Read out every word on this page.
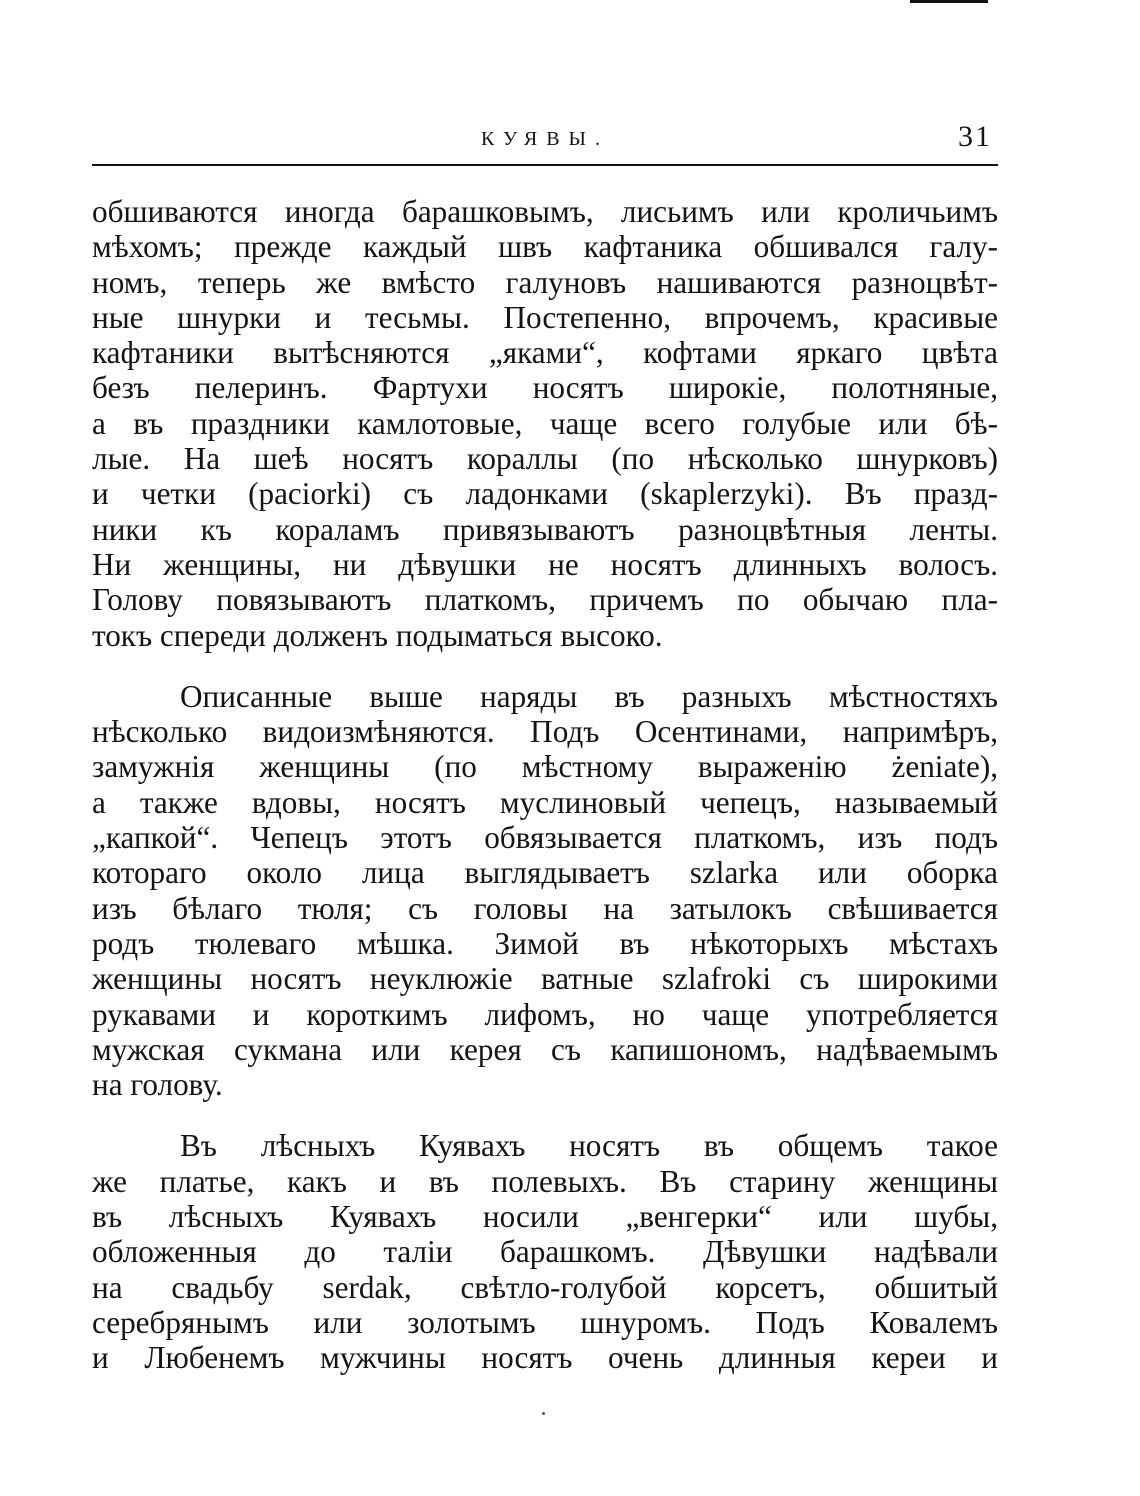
КУЯВЫ.	31

обшиваются иногда барашковымъ, лисьимъ или кроличьимъ
мѣхомъ; прежде каждый швъ кафтаника обшивался галу-
номъ, теперь же вмѣсто галуновъ нашиваются разноцвѣт-
ные шнурки и тесьмы. Постепенно, впрочемъ, красивые
кафтаники вытѣсняются „яками“, кофтами яркаго цвѣта
безъ пелеринъ. Фартухи носятъ широкіе, полотняные,
а въ праздники камлотовые, чаще всего голубые или бѣ-
лые. На шеѣ носятъ кораллы (по нѣсколько шнурковъ)
и четки (paciorki) съ ладонками (skaplerzyki). Въ празд-
ники къ кораламъ привязываютъ разноцвѣтныя ленты.
Ни женщины, ни дѣвушки не носятъ длинныхъ волосъ.
Голову повязываютъ платкомъ, причемъ по обычаю пла-
токъ спереди долженъ подыматься высоко.

Описанные выше наряды въ разныхъ мѣстностяхъ
нѣсколько видоизмѣняются. Подъ Осентинами, напримѣръ,
замужнія женщины (по мѣстному выраженію żeniate),
а также вдовы, носятъ муслиновый чепецъ, называемый
„капкой“. Чепецъ этотъ обвязывается платкомъ, изъ подъ
котораго около лица выглядываетъ szlarka или оборка
изъ бѣлаго тюля; съ головы на затылокъ свѣшивается
родъ тюлеваго мѣшка. Зимой въ нѣкоторыхъ мѣстахъ
женщины носятъ неуклюжіе ватные szlafroki съ широкими
рукавами и короткимъ лифомъ, но чаще употребляется
мужская сукмана или керея съ капишономъ, надѣваемымъ
на голову.

Въ лѣсныхъ Куявахъ носятъ въ общемъ такое
же платье, какъ и въ полевыхъ. Въ старину женщины
въ лѣсныхъ Куявахъ носили „венгерки“ или шубы,
обложенныя до таліи барашкомъ. Дѣвушки надѣвали
на свадьбу serdak, свѣтло-голубой корсетъ, обшитый
серебрянымъ или золотымъ шнуромъ. Подъ Ковалемъ
и Любенемъ мужчины носятъ очень длинныя кереи и
